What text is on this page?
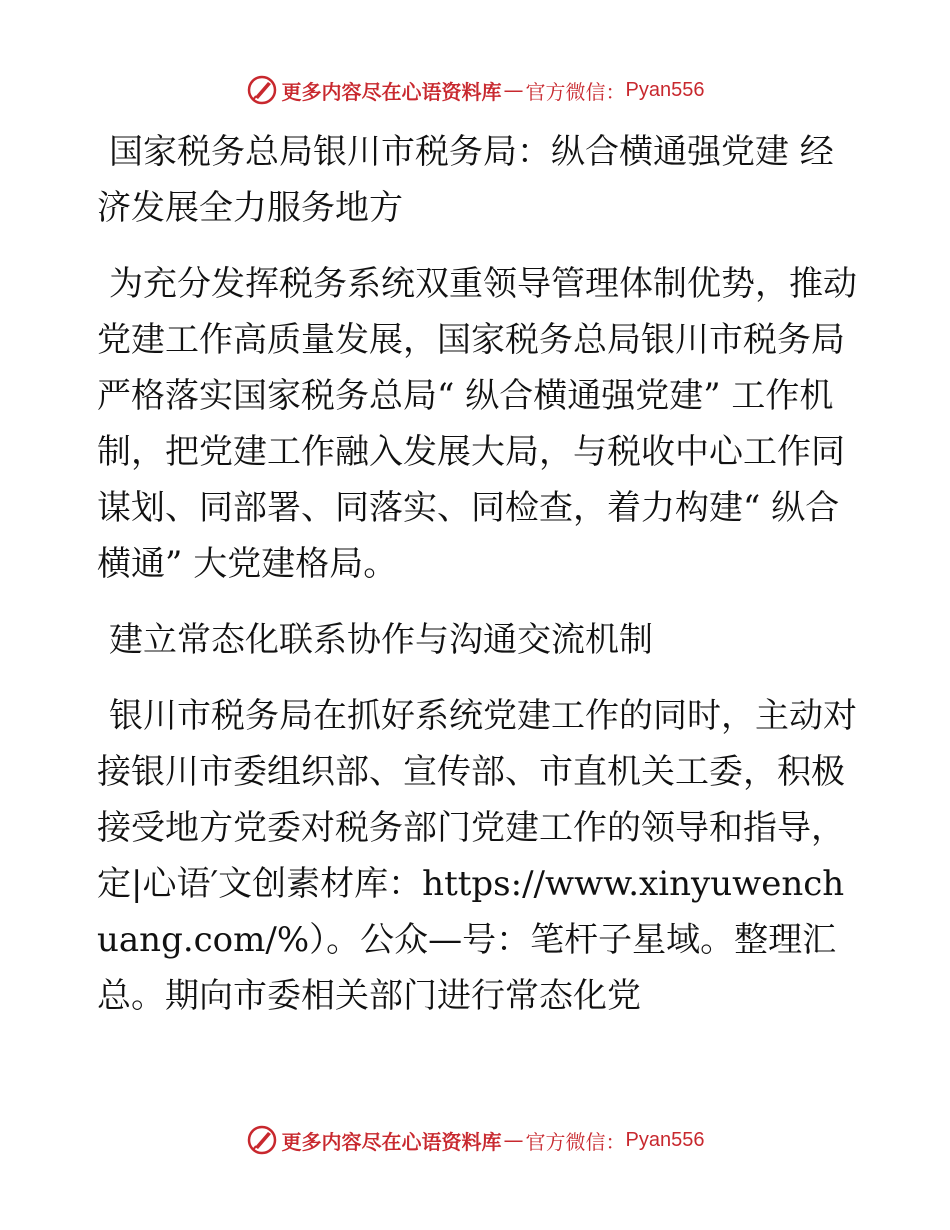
更多内容尽在心语资料库 — 官方微信： Pyan556

国家税务总局银川市税务局：纵合横通强党建 经济发展全力服务地方

为充分发挥税务系统双重领导管理体制优势，推动党建工作高质量发展，国家税务总局银川市税务局严格落实国家税务总局“ 纵合横通强党建” 工作机制，把党建工作融入发展大局，与税收中心工作同谋划、同部署、同落实、同检查，着力构建“ 纵合横通” 大党建格局。

建立常态化联系协作与沟通交流机制

银川市税务局在抓好系统党建工作的同时，主动对接银川市委组织部、宣传部、市直机关工委，积极接受地方党委对税务部门党建工作的领导和指导，定|心语′文创素材库：https://www.xinyuwenchuang.com/%）。公众—号：笔杆子星域。整理汇总。期向市委相关部门进行常态化党

更多内容尽在心语资料库 — 官方微信： Pyan556
